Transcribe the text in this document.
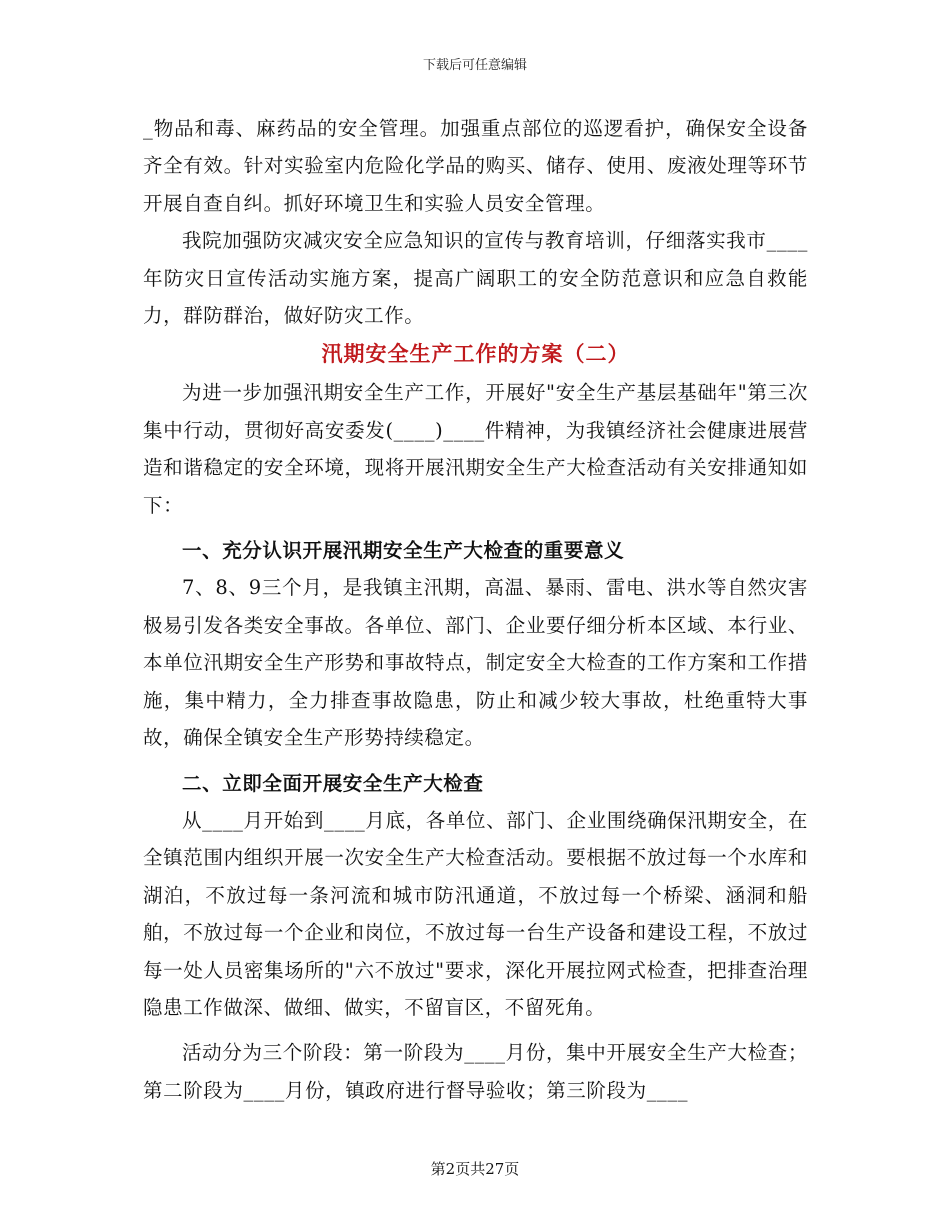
下载后可任意编辑

_物品和毒、麻药品的安全管理。加强重点部位的巡逻看护，确保安全设备齐全有效。针对实验室内危险化学品的购买、储存、使用、废液处理等环节开展自查自纠。抓好环境卫生和实验人员安全管理。

我院加强防灾减灾安全应急知识的宣传与教育培训，仔细落实我市____年防灾日宣传活动实施方案，提高广阔职工的安全防范意识和应急自救能力，群防群治，做好防灾工作。

汛期安全生产工作的方案（二）

为进一步加强汛期安全生产工作，开展好"安全生产基层基础年"第三次集中行动，贯彻好高安委发(____)____件精神，为我镇经济社会健康进展营造和谐稳定的安全环境，现将开展汛期安全生产大检查活动有关安排通知如下：

一、充分认识开展汛期安全生产大检查的重要意义

7、8、9三个月，是我镇主汛期，高温、暴雨、雷电、洪水等自然灾害极易引发各类安全事故。各单位、部门、企业要仔细分析本区域、本行业、本单位汛期安全生产形势和事故特点，制定安全大检查的工作方案和工作措施，集中精力，全力排查事故隐患，防止和减少较大事故，杜绝重特大事故，确保全镇安全生产形势持续稳定。

二、立即全面开展安全生产大检查

从____月开始到____月底，各单位、部门、企业围绕确保汛期安全，在全镇范围内组织开展一次安全生产大检查活动。要根据不放过每一个水库和湖泊，不放过每一条河流和城市防汛通道，不放过每一个桥梁、涵洞和船舶，不放过每一个企业和岗位，不放过每一台生产设备和建设工程，不放过每一处人员密集场所的"六不放过"要求，深化开展拉网式检查，把排查治理隐患工作做深、做细、做实，不留盲区，不留死角。

活动分为三个阶段：第一阶段为____月份，集中开展安全生产大检查；第二阶段为____月份，镇政府进行督导验收；第三阶段为____

第2页共27页
